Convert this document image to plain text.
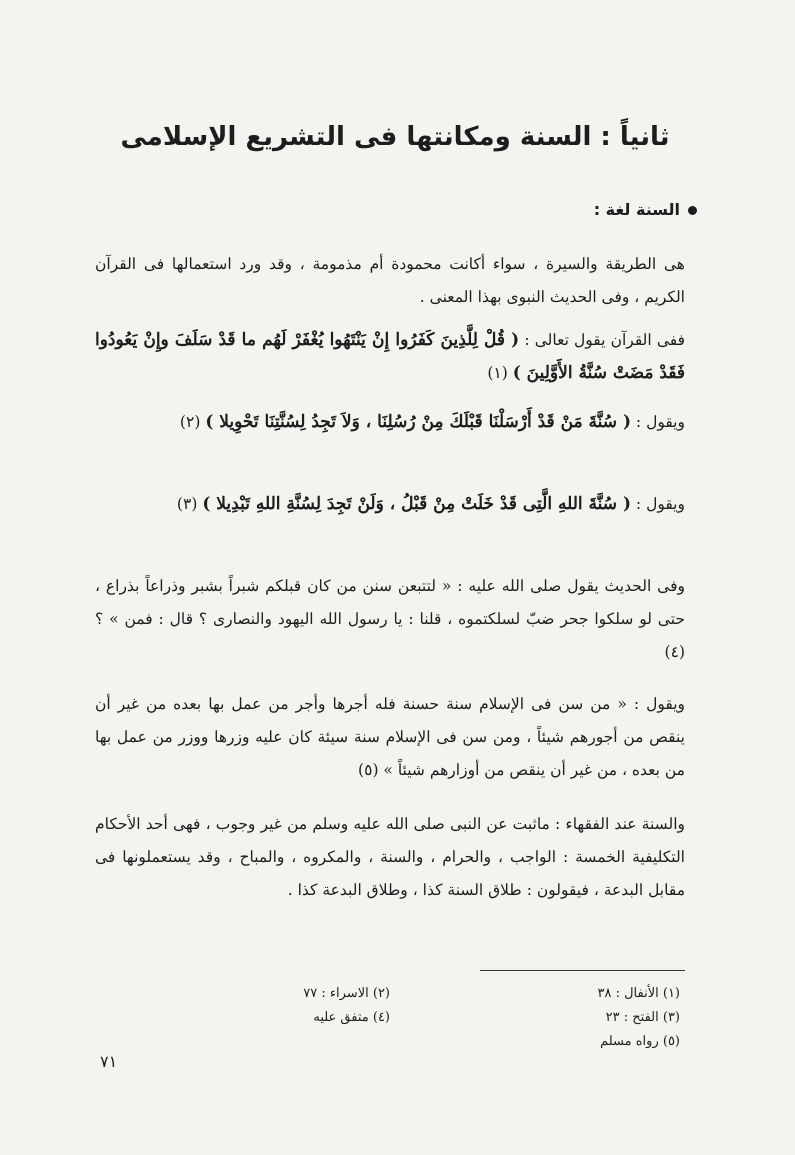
ثانياً : السنة ومكانتها فى التشريع الإسلامى
السنة لغة :

هى الطريقة والسيرة ، سواء أكانت محمودة أم مذمومة ، وقد ورد استعمالها فى القرآن الكريم ، وفى الحديث النبوى بهذا المعنى .

ففى القرآن يقول تعالى : ( قُلْ لِلَّذِينَ كَفَرُوا إِنْ يَنْتَهُوا يُغْفَرْ لَهُم ما قَدْ سَلَفَ وإِنْ يَعُودُوا فَقَدْ مَضَتْ سُنَّةُ الأَوَّلِينَ ) (١)

ويقول : ( سُنَّةَ مَنْ قَدْ أَرْسَلْنَا قَبْلَكَ مِنْ رُسُلِنَا ، وَلاَ تَجِدُ لِسُنَّتِنَا تَحْوِيلا ) (٢)

ويقول : ( سُنَّةَ اللهِ الَّتِى قَدْ خَلَتْ مِنْ قَبْلُ ، وَلَنْ تَجِدَ لِسُنَّةِ اللهِ تَبْدِيلا ) (٣)

وفى الحديث يقول صلى الله عليه : « لتتبعن سنن من كان قبلكم شبراً بشبر وذراعاً بذراع ، حتى لو سلكوا جحر ضبّ لسلكتموه ، قلنا : يا رسول الله اليهود والنصارى ؟ قال : فمن » ؟ (٤)

ويقول : « من سن فى الإسلام سنة حسنة فله أجرها وأجر من عمل بها بعده من غير أن ينقص من أجورهم شيئاً ، ومن سن فى الإسلام سنة سيئة كان عليه وزرها ووزر من عمل بها من بعده ، من غير أن ينقص من أوزارهم شيئاً » (٥)

والسنة عند الفقهاء : ماثبت عن النبى صلى الله عليه وسلم من غير وجوب ، فهى أحد الأحكام التكليفية الخمسة : الواجب ، والحرام ، والسنة ، والمكروه ، والمباح ، وقد يستعملونها فى مقابل البدعة ، فيقولون : طلاق السنة كذا ، وطلاق البدعة كذا .

(١) الأنفال : ٣٨
(٢) الاسراء : ٧٧
(٣) الفتح : ٢٣
(٤) متفق عليه
(٥) رواه مسلم
٧١
